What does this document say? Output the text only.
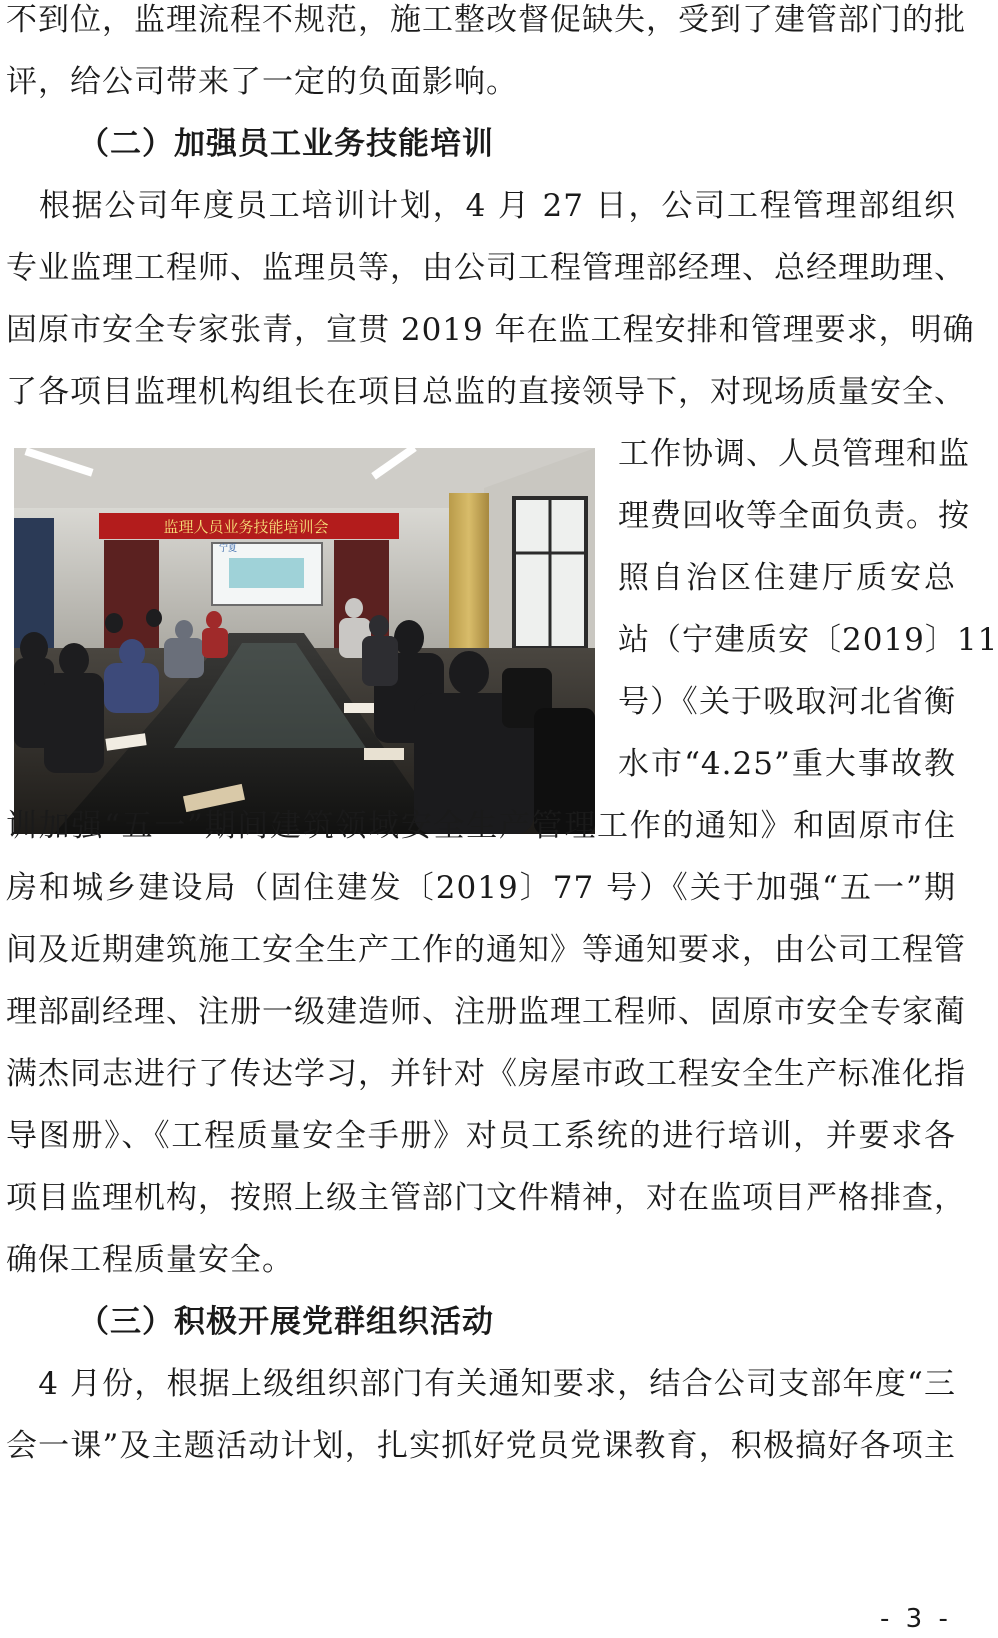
不到位，监理流程不规范，施工整改督促缺失，受到了建管部门的批
评，给公司带来了一定的负面影响。
（二）加强员工业务技能培训
　根据公司年度员工培训计划，4 月 27 日，公司工程管理部组织
专业监理工程师、监理员等，由公司工程管理部经理、总经理助理、
固原市安全专家张青，宣贯 2019 年在监工程安排和管理要求，明确
了各项目监理机构组长在项目总监的直接领导下，对现场质量安全、
监理人员业务技能培训会
宁夏
工作协调、人员管理和监
理费回收等全面负责。按
照自治区住建厅质安总
站（宁建质安〔2019〕11
号）《关于吸取河北省衡
水市“4.25”重大事故教
训加强“五一”期间建筑领域安全生产管理工作的通知》和固原市住
房和城乡建设局（固住建发〔2019〕77 号）《关于加强“五一”期
间及近期建筑施工安全生产工作的通知》等通知要求，由公司工程管
理部副经理、注册一级建造师、注册监理工程师、固原市安全专家蔺
满杰同志进行了传达学习，并针对《房屋市政工程安全生产标准化指
导图册》、《工程质量安全手册》对员工系统的进行培训，并要求各
项目监理机构，按照上级主管部门文件精神，对在监项目严格排查，
确保工程质量安全。
（三）积极开展党群组织活动
　4 月份，根据上级组织部门有关通知要求，结合公司支部年度“三
会一课”及主题活动计划，扎实抓好党员党课教育，积极搞好各项主
- 3 -
